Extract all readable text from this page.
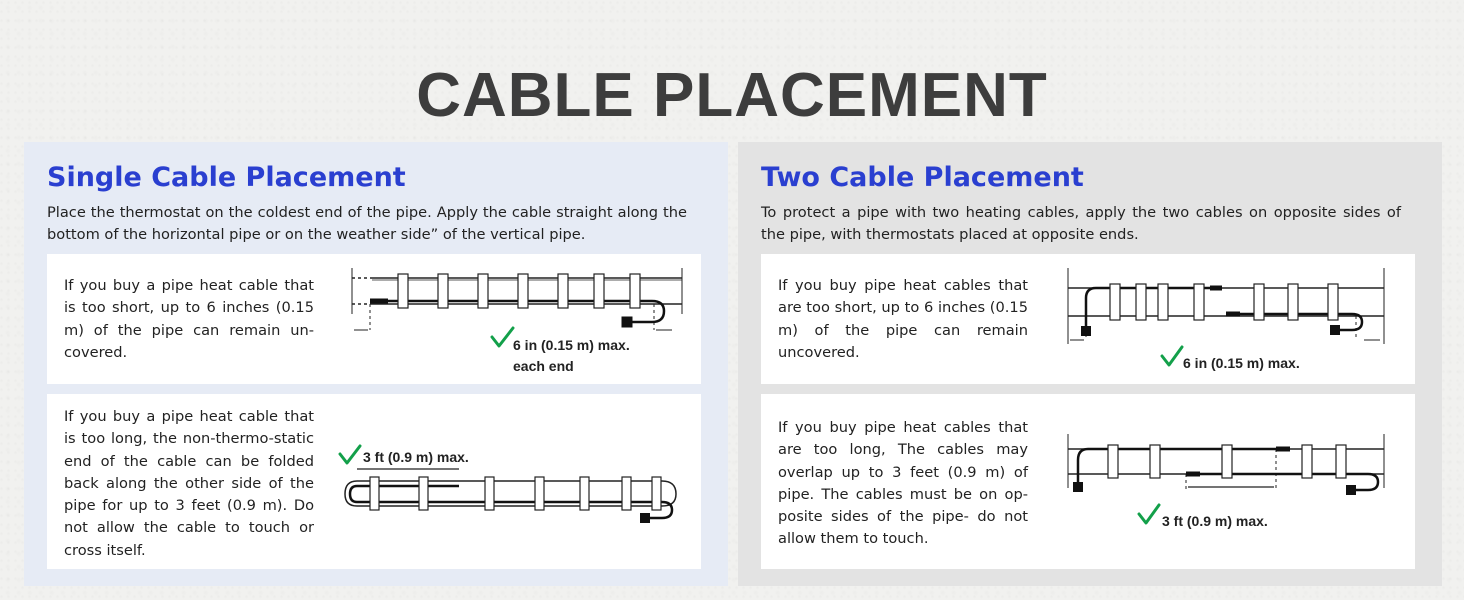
CABLE PLACEMENT
Single Cable Placement

Place the thermostat on the coldest end of the pipe. Apply the cable straight along the bottom of the horizontal pipe or on the weather side” of the vertical pipe.

If you buy a pipe heat cable that is too short, up to 6 inches (0.15 m) of the pipe can remain un-covered.	6 in (0.15 m) max.
each end

If you buy a pipe heat cable that is too long, the non-thermo-static end of the cable can be folded back along the other side of the pipe for up to 3 feet (0.9 m). Do not allow the cable to touch or cross itself.

3 ft (0.9 m) max.
Two Cable Placement

To protect a pipe with two heating cables, apply the two cables on opposite sides of the pipe, with thermostats placed at opposite ends.

If you buy pipe heat cables that are too short, up to 6 inches (0.15 m) of the pipe can remain uncovered.

6 in (0.15 m) max.

If you buy pipe heat cables that are too long, The cables may overlap up to 3 feet (0.9 m) of pipe. The cables must be on op-posite sides of the pipe- do not allow them to touch.

3 ft (0.9 m) max.
